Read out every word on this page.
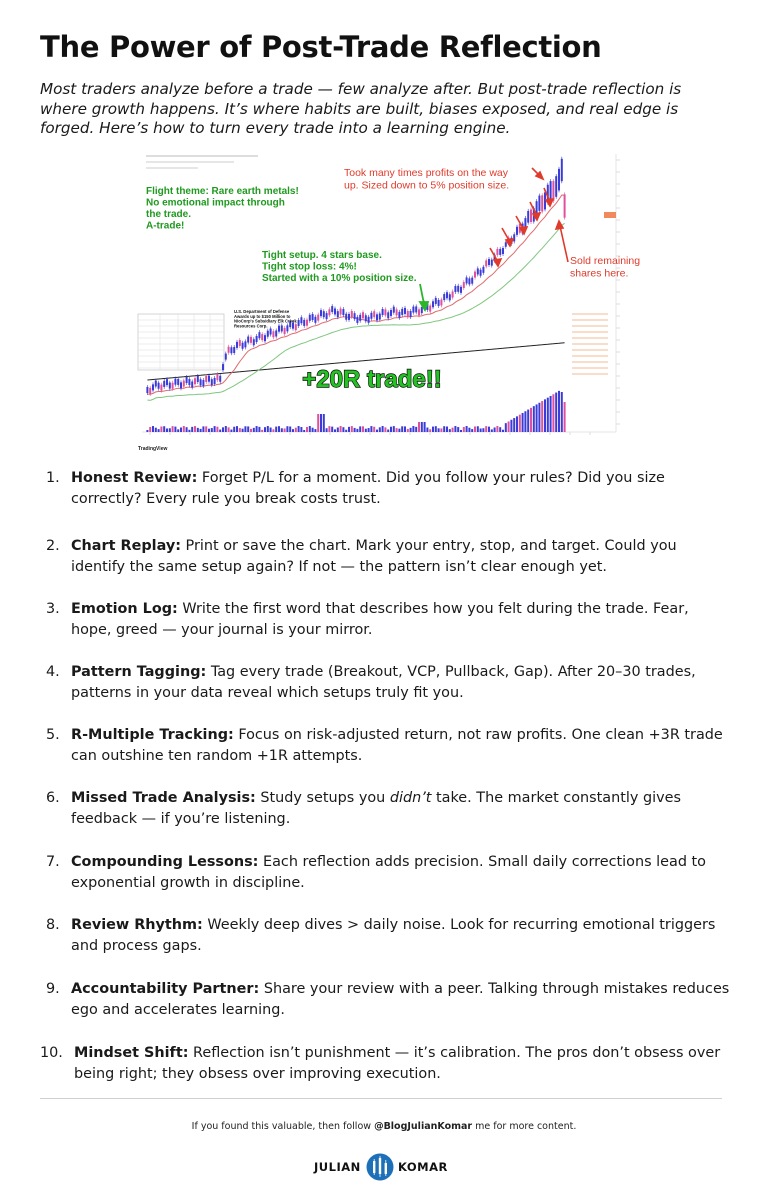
The Power of Post-Trade Reflection

Most traders analyze before a trade — few analyze after. But post-trade reflection is where growth happens. It’s where habits are built, biases exposed, and real edge is forged. Here’s how to turn every trade into a learning engine.

Flight theme: Rare earth metals! No emotional impact through the trade. A-trade!
Tight setup. 4 stars base. Tight stop loss: 4%! Started with a 10% position size.
Took many times profits on the way up. Sized down to 5% position size.
Sold remaining shares here.
U.S. Department of Defense Awards up to $150 Million to NioCorp's Subsidiary Elk Creek Resources Corp.
+20R trade!!
TradingView
1. Honest Review: Forget P/L for a moment. Did you follow your rules? Did you size correctly? Every rule you break costs trust.
2. Chart Replay: Print or save the chart. Mark your entry, stop, and target. Could you identify the same setup again? If not — the pattern isn’t clear enough yet.
3. Emotion Log: Write the first word that describes how you felt during the trade. Fear, hope, greed — your journal is your mirror.
4. Pattern Tagging: Tag every trade (Breakout, VCP, Pullback, Gap). After 20–30 trades, patterns in your data reveal which setups truly fit you.
5. R-Multiple Tracking: Focus on risk-adjusted return, not raw profits. One clean +3R trade can outshine ten random +1R attempts.
6. Missed Trade Analysis: Study setups you didn’t take. The market constantly gives feedback — if you’re listening.
7. Compounding Lessons: Each reflection adds precision. Small daily corrections lead to exponential growth in discipline.
8. Review Rhythm: Weekly deep dives > daily noise. Look for recurring emotional triggers and process gaps.
9. Accountability Partner: Share your review with a peer. Talking through mistakes reduces ego and accelerates learning.
10. Mindset Shift: Reflection isn’t punishment — it’s calibration. The pros don’t obsess over being right; they obsess over improving execution.
If you found this valuable, then follow @BlogJulianKomar me for more content.
JULIAN	KOMAR
